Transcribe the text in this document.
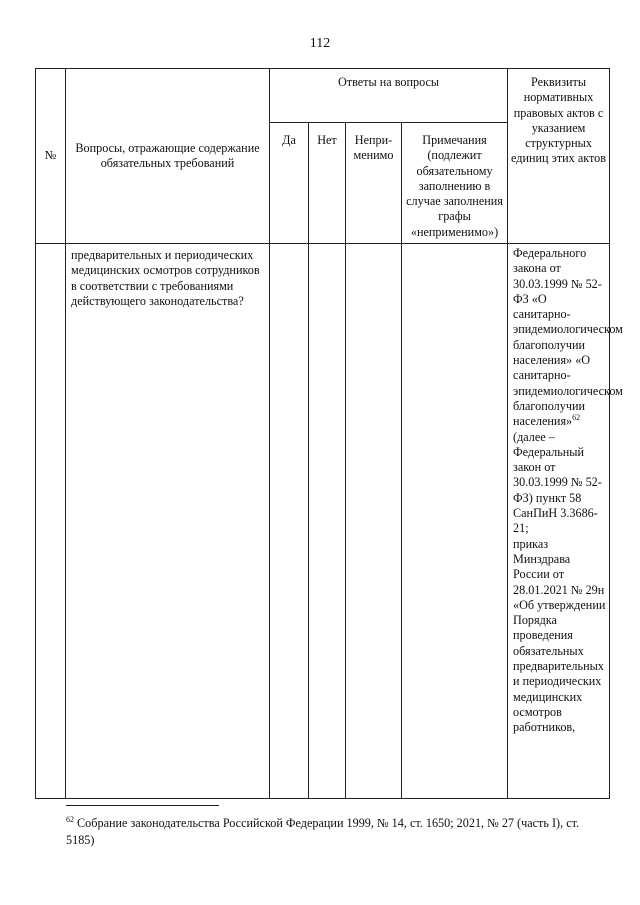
112
№	Вопросы, отражающие содержание обязательных требований	Ответы на вопросы				Реквизиты нормативных правовых актов с указанием структурных единиц этих актов
		Да	Нет	Непри-менимо	Примечания (подлежит обязательному заполнению в случае заполнения графы «неприменимо»)	

	предварительных и периодических медицинских осмотров сотрудников в соответствии с требованиями действующего законодательства?					Федерального закона от 30.03.1999 № 52-ФЗ «О санитарно-эпидемиологическом благополучии населения» «О санитарно-эпидемиологическом благополучии населения»$^{62}$
(далее – Федеральный закон от 30.03.1999 № 52-ФЗ) пункт 58 СанПиН 3.3686-21;
приказ Минздрава России от 28.01.2021 № 29н «Об утверждении Порядка проведения обязательных предварительных и периодических медицинских осмотров работников,
$^{62}$ Собрание законодательства Российской Федерации 1999, № 14, ст. 1650; 2021, № 27 (часть I), ст. 5185)
